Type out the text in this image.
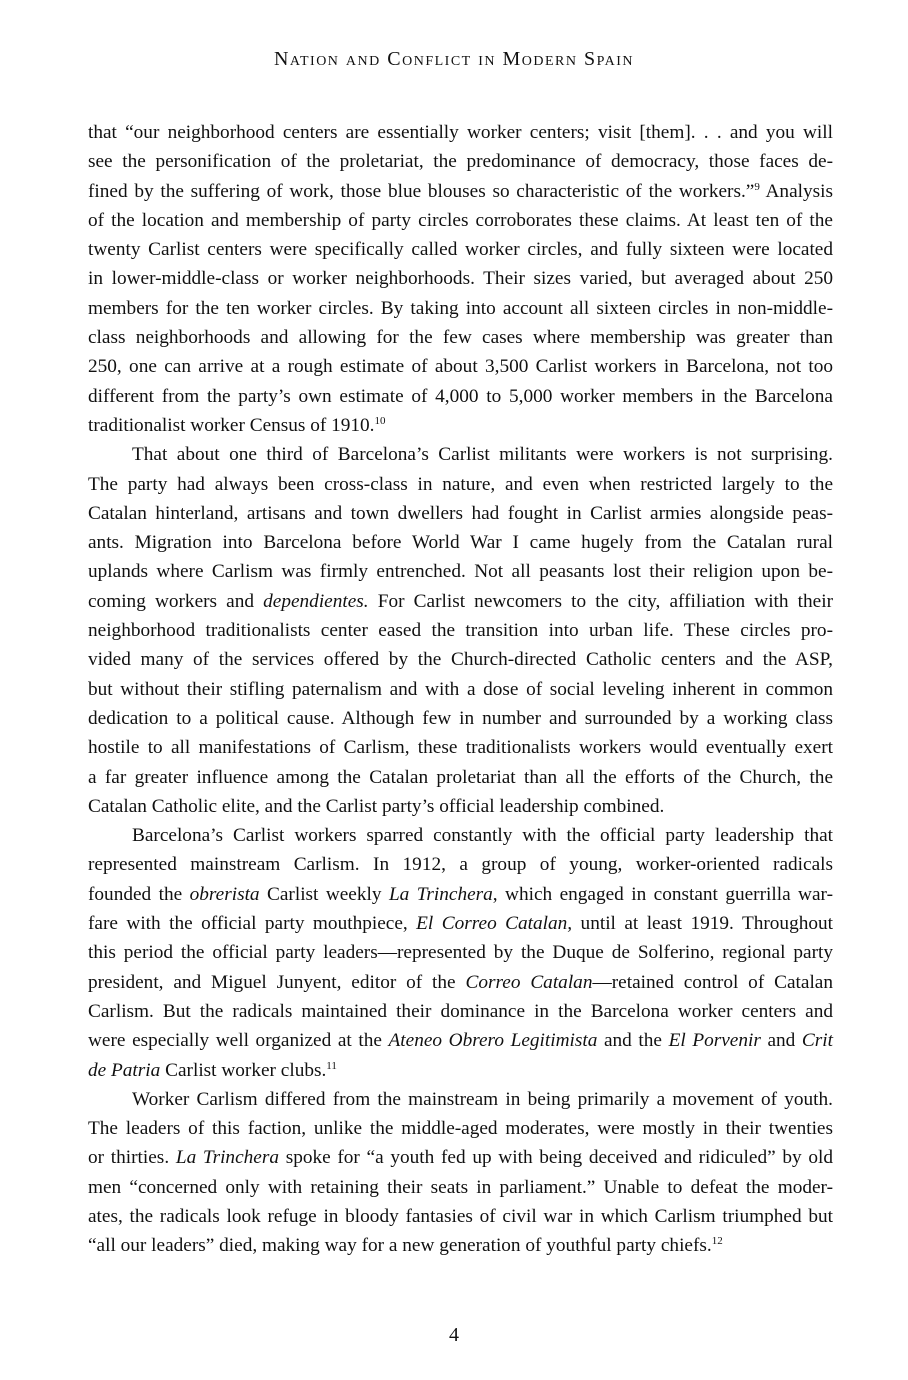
Nation and Conflict in Modern Spain

that “our neighborhood centers are essentially worker centers; visit [them]. . . and you will
see the personification of the proletariat, the predominance of democracy, those faces de-
fined by the suffering of work, those blue blouses so characteristic of the workers.”$^9$ Analysis
of the location and membership of party circles corroborates these claims. At least ten of the
twenty Carlist centers were specifically called worker circles, and fully sixteen were located
in lower-middle-class or worker neighborhoods. Their sizes varied, but averaged about 250
members for the ten worker circles. By taking into account all sixteen circles in non-middle-
class neighborhoods and allowing for the few cases where membership was greater than
250, one can arrive at a rough estimate of about 3,500 Carlist workers in Barcelona, not too
different from the party’s own estimate of 4,000 to 5,000 worker members in the Barcelona
traditionalist worker Census of 1910.10

That about one third of Barcelona’s Carlist militants were workers is not surprising.
The party had always been cross-class in nature, and even when restricted largely to the
Catalan hinterland, artisans and town dwellers had fought in Carlist armies alongside peas-
ants. Migration into Barcelona before World War I came hugely from the Catalan rural
uplands where Carlism was firmly entrenched. Not all peasants lost their religion upon be-
coming workers and dependientes. For Carlist newcomers to the city, affiliation with their
neighborhood traditionalists center eased the transition into urban life. These circles pro-
vided many of the services offered by the Church-directed Catholic centers and the ASP,
but without their stifling paternalism and with a dose of social leveling inherent in common
dedication to a political cause. Although few in number and surrounded by a working class
hostile to all manifestations of Carlism, these traditionalists workers would eventually exert
a far greater influence among the Catalan proletariat than all the efforts of the Church, the
Catalan Catholic elite, and the Carlist party’s official leadership combined.

Barcelona’s Carlist workers sparred constantly with the official party leadership that
represented mainstream Carlism. In 1912, a group of young, worker-oriented radicals
founded the obrerista Carlist weekly La Trinchera, which engaged in constant guerrilla war-
fare with the official party mouthpiece, El Correo Catalan, until at least 1919. Throughout
this period the official party leaders—represented by the Duque de Solferino, regional party
president, and Miguel Junyent, editor of the Correo Catalan—retained control of Catalan
Carlism. But the radicals maintained their dominance in the Barcelona worker centers and
were especially well organized at the Ateneo Obrero Legitimista and the El Porvenir and Crit
de Patria Carlist worker clubs.$^{11}$

Worker Carlism differed from the mainstream in being primarily a movement of youth.
The leaders of this faction, unlike the middle-aged moderates, were mostly in their twenties
or thirties. La Trinchera spoke for “a youth fed up with being deceived and ridiculed” by old
men “concerned only with retaining their seats in parliament.” Unable to defeat the moder-
ates, the radicals look refuge in bloody fantasies of civil war in which Carlism triumphed but
“all our leaders” died, making way for a new generation of youthful party chiefs.$^{12}$

4
